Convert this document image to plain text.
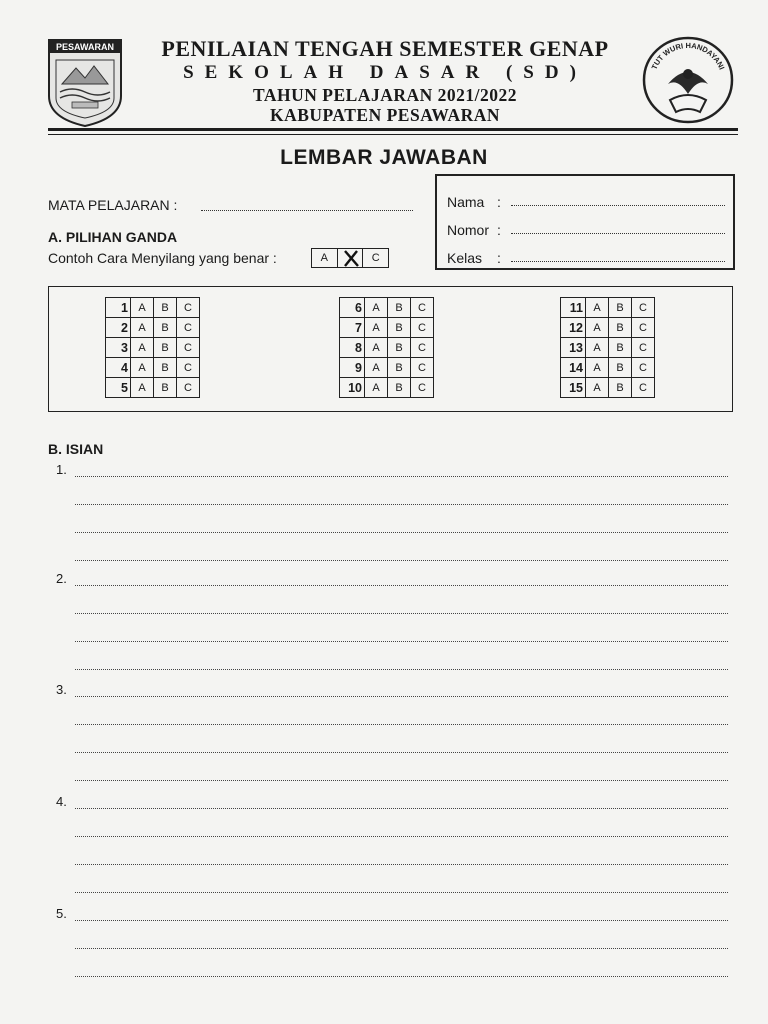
PESAWARAN
TUT WURI HANDAYANI
PENILAIAN TENGAH SEMESTER GENAP
SEKOLAH DASAR (SD)
TAHUN PELAJARAN 2021/2022
KABUPATEN PESAWARAN
LEMBAR JAWABAN
MATA PELAJARAN :
A. PILIHAN GANDA
Contoh Cara Menyilang yang benar :	A	C
Nama :
Nomor :
Kelas :
1	A	B	C
2	A	B	C
3	A	B	C
4	A	B	C
5	A	B	C
6	A	B	C
7	A	B	C
8	A	B	C
9	A	B	C
10	A	B	C
11	A	B	C
12	A	B	C
13	A	B	C
14	A	B	C
15	A	B	C
B. ISIAN
1.
2.
3.
4.
5.
